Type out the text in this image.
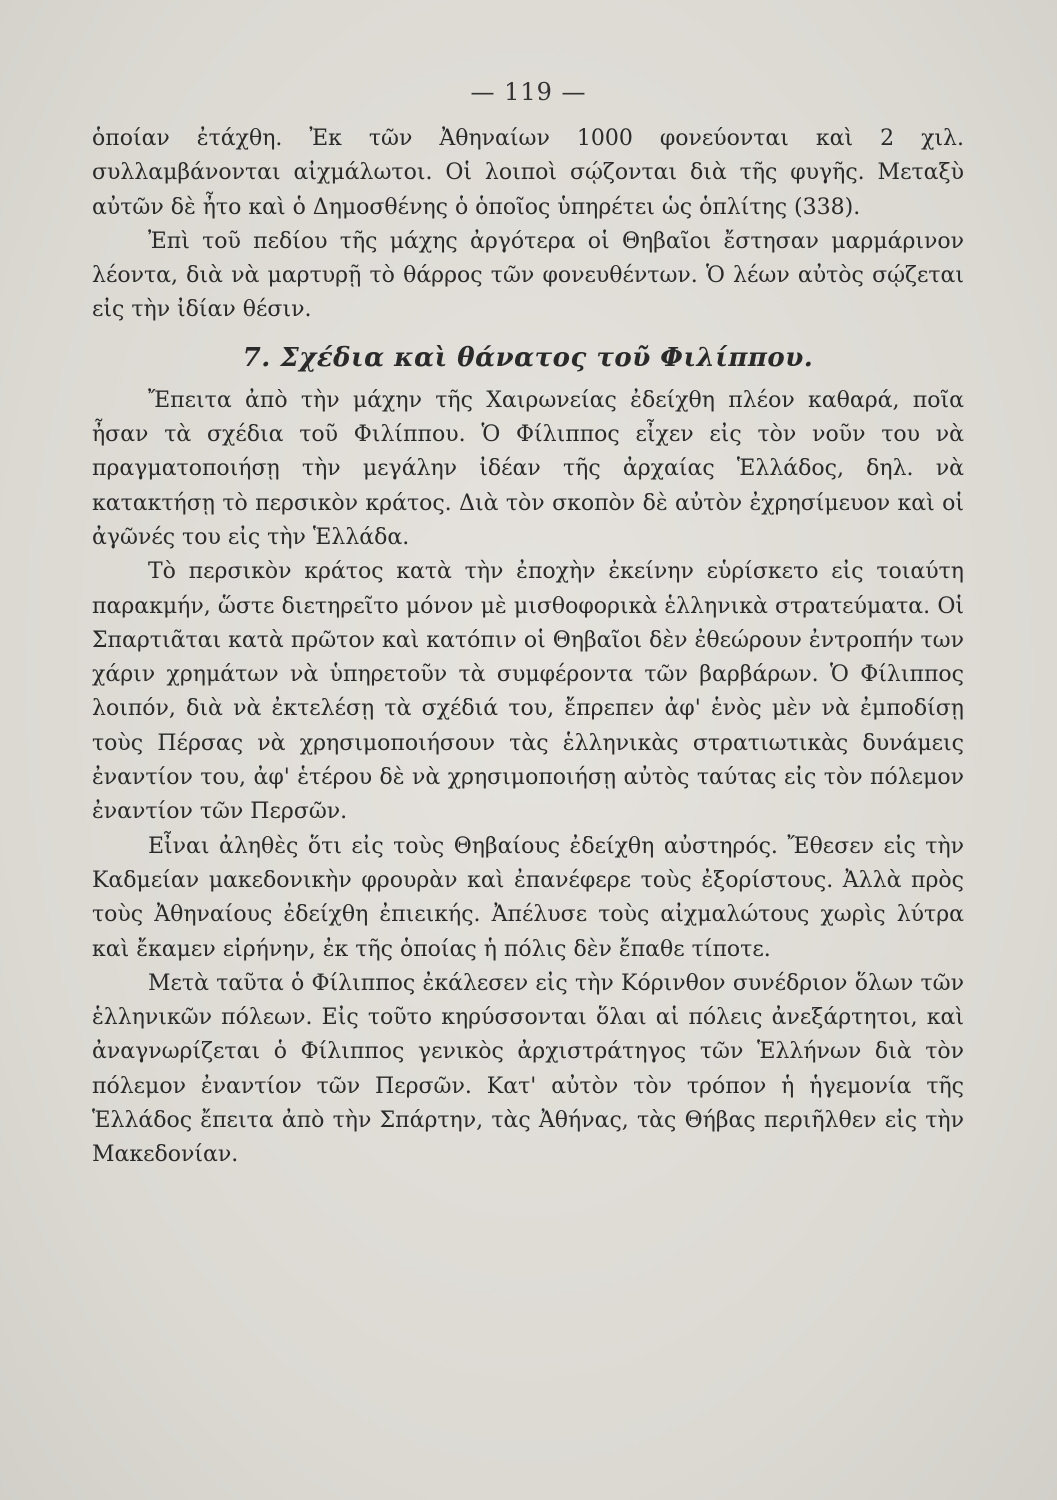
— 119 —

ὁποίαν ἐτάχθη. Ἐκ τῶν Ἀθηναίων 1000 φονεύονται καὶ 2 χιλ. συλλαμβάνονται αἰχμάλωτοι. Οἱ λοιποὶ σῴζονται διὰ τῆς φυγῆς. Μεταξὺ αὐτῶν δὲ ἦτο καὶ ὁ Δημοσθένης ὁ ὁποῖος ὑπηρέτει ὡς ὁπλίτης (338).

Ἐπὶ τοῦ πεδίου τῆς μάχης ἀργότερα οἱ Θηβαῖοι ἔστησαν μαρμάρινον λέοντα, διὰ νὰ μαρτυρῇ τὸ θάρρος τῶν φονευθέντων. Ὁ λέων αὐτὸς σῴζεται εἰς τὴν ἰδίαν θέσιν.

7. Σχέδια καὶ θάνατος τοῦ Φιλίππου.

Ἔπειτα ἀπὸ τὴν μάχην τῆς Χαιρωνείας ἐδείχθη πλέον καθαρά, ποῖα ἦσαν τὰ σχέδια τοῦ Φιλίππου. Ὁ Φίλιππος εἶχεν εἰς τὸν νοῦν του νὰ πραγματοποιήσῃ τὴν μεγάλην ἰδέαν τῆς ἀρχαίας Ἑλλάδος, δηλ. νὰ κατακτήσῃ τὸ περσικὸν κράτος. Διὰ τὸν σκοπὸν δὲ αὐτὸν ἐχρησίμευον καὶ οἱ ἀγῶνές του εἰς τὴν Ἑλλάδα.

Τὸ περσικὸν κράτος κατὰ τὴν ἐποχὴν ἐκείνην εὑρίσκετο εἰς τοιαύτη παρακμήν, ὥστε διετηρεῖτο μόνον μὲ μισθοφορικὰ ἑλληνικὰ στρατεύματα. Οἱ Σπαρτιᾶται κατὰ πρῶτον καὶ κατόπιν οἱ Θηβαῖοι δὲν ἐθεώρουν ἐντροπήν των χάριν χρημάτων νὰ ὑπηρετοῦν τὰ συμφέροντα τῶν βαρβάρων. Ὁ Φίλιππος λοιπόν, διὰ νὰ ἐκτελέσῃ τὰ σχέδιά του, ἔπρεπεν ἀφ' ἑνὸς μὲν νὰ ἐμποδίσῃ τοὺς Πέρσας νὰ χρησιμοποιήσουν τὰς ἑλληνικὰς στρατιωτικὰς δυνάμεις ἐναντίον του, ἀφ' ἑτέρου δὲ νὰ χρησιμοποιήσῃ αὐτὸς ταύτας εἰς τὸν πόλεμον ἐναντίον τῶν Περσῶν.

Εἶναι ἀληθὲς ὅτι εἰς τοὺς Θηβαίους ἐδείχθη αὐστηρός. Ἔθεσεν εἰς τὴν Καδμείαν μακεδονικὴν φρουρὰν καὶ ἐπανέφερε τοὺς ἐξορίστους. Ἀλλὰ πρὸς τοὺς Ἀθηναίους ἐδείχθη ἐπιεικής. Ἀπέλυσε τοὺς αἰχμαλώτους χωρὶς λύτρα καὶ ἔκαμεν εἰρήνην, ἐκ τῆς ὁποίας ἡ πόλις δὲν ἔπαθε τίποτε.

Μετὰ ταῦτα ὁ Φίλιππος ἐκάλεσεν εἰς τὴν Κόρινθον συνέδριον ὅλων τῶν ἑλληνικῶν πόλεων. Εἰς τοῦτο κηρύσσονται ὅλαι αἱ πόλεις ἀνεξάρτητοι, καὶ ἀναγνωρίζεται ὁ Φίλιππος γενικὸς ἀρχιστράτηγος τῶν Ἑλλήνων διὰ τὸν πόλεμον ἐναντίον τῶν Περσῶν. Κατ' αὐτὸν τὸν τρόπον ἡ ἡγεμονία τῆς Ἑλλάδος ἔπειτα ἀπὸ τὴν Σπάρτην, τὰς Ἀθήνας, τὰς Θήβας περιῆλθεν εἰς τὴν Μακεδονίαν.
